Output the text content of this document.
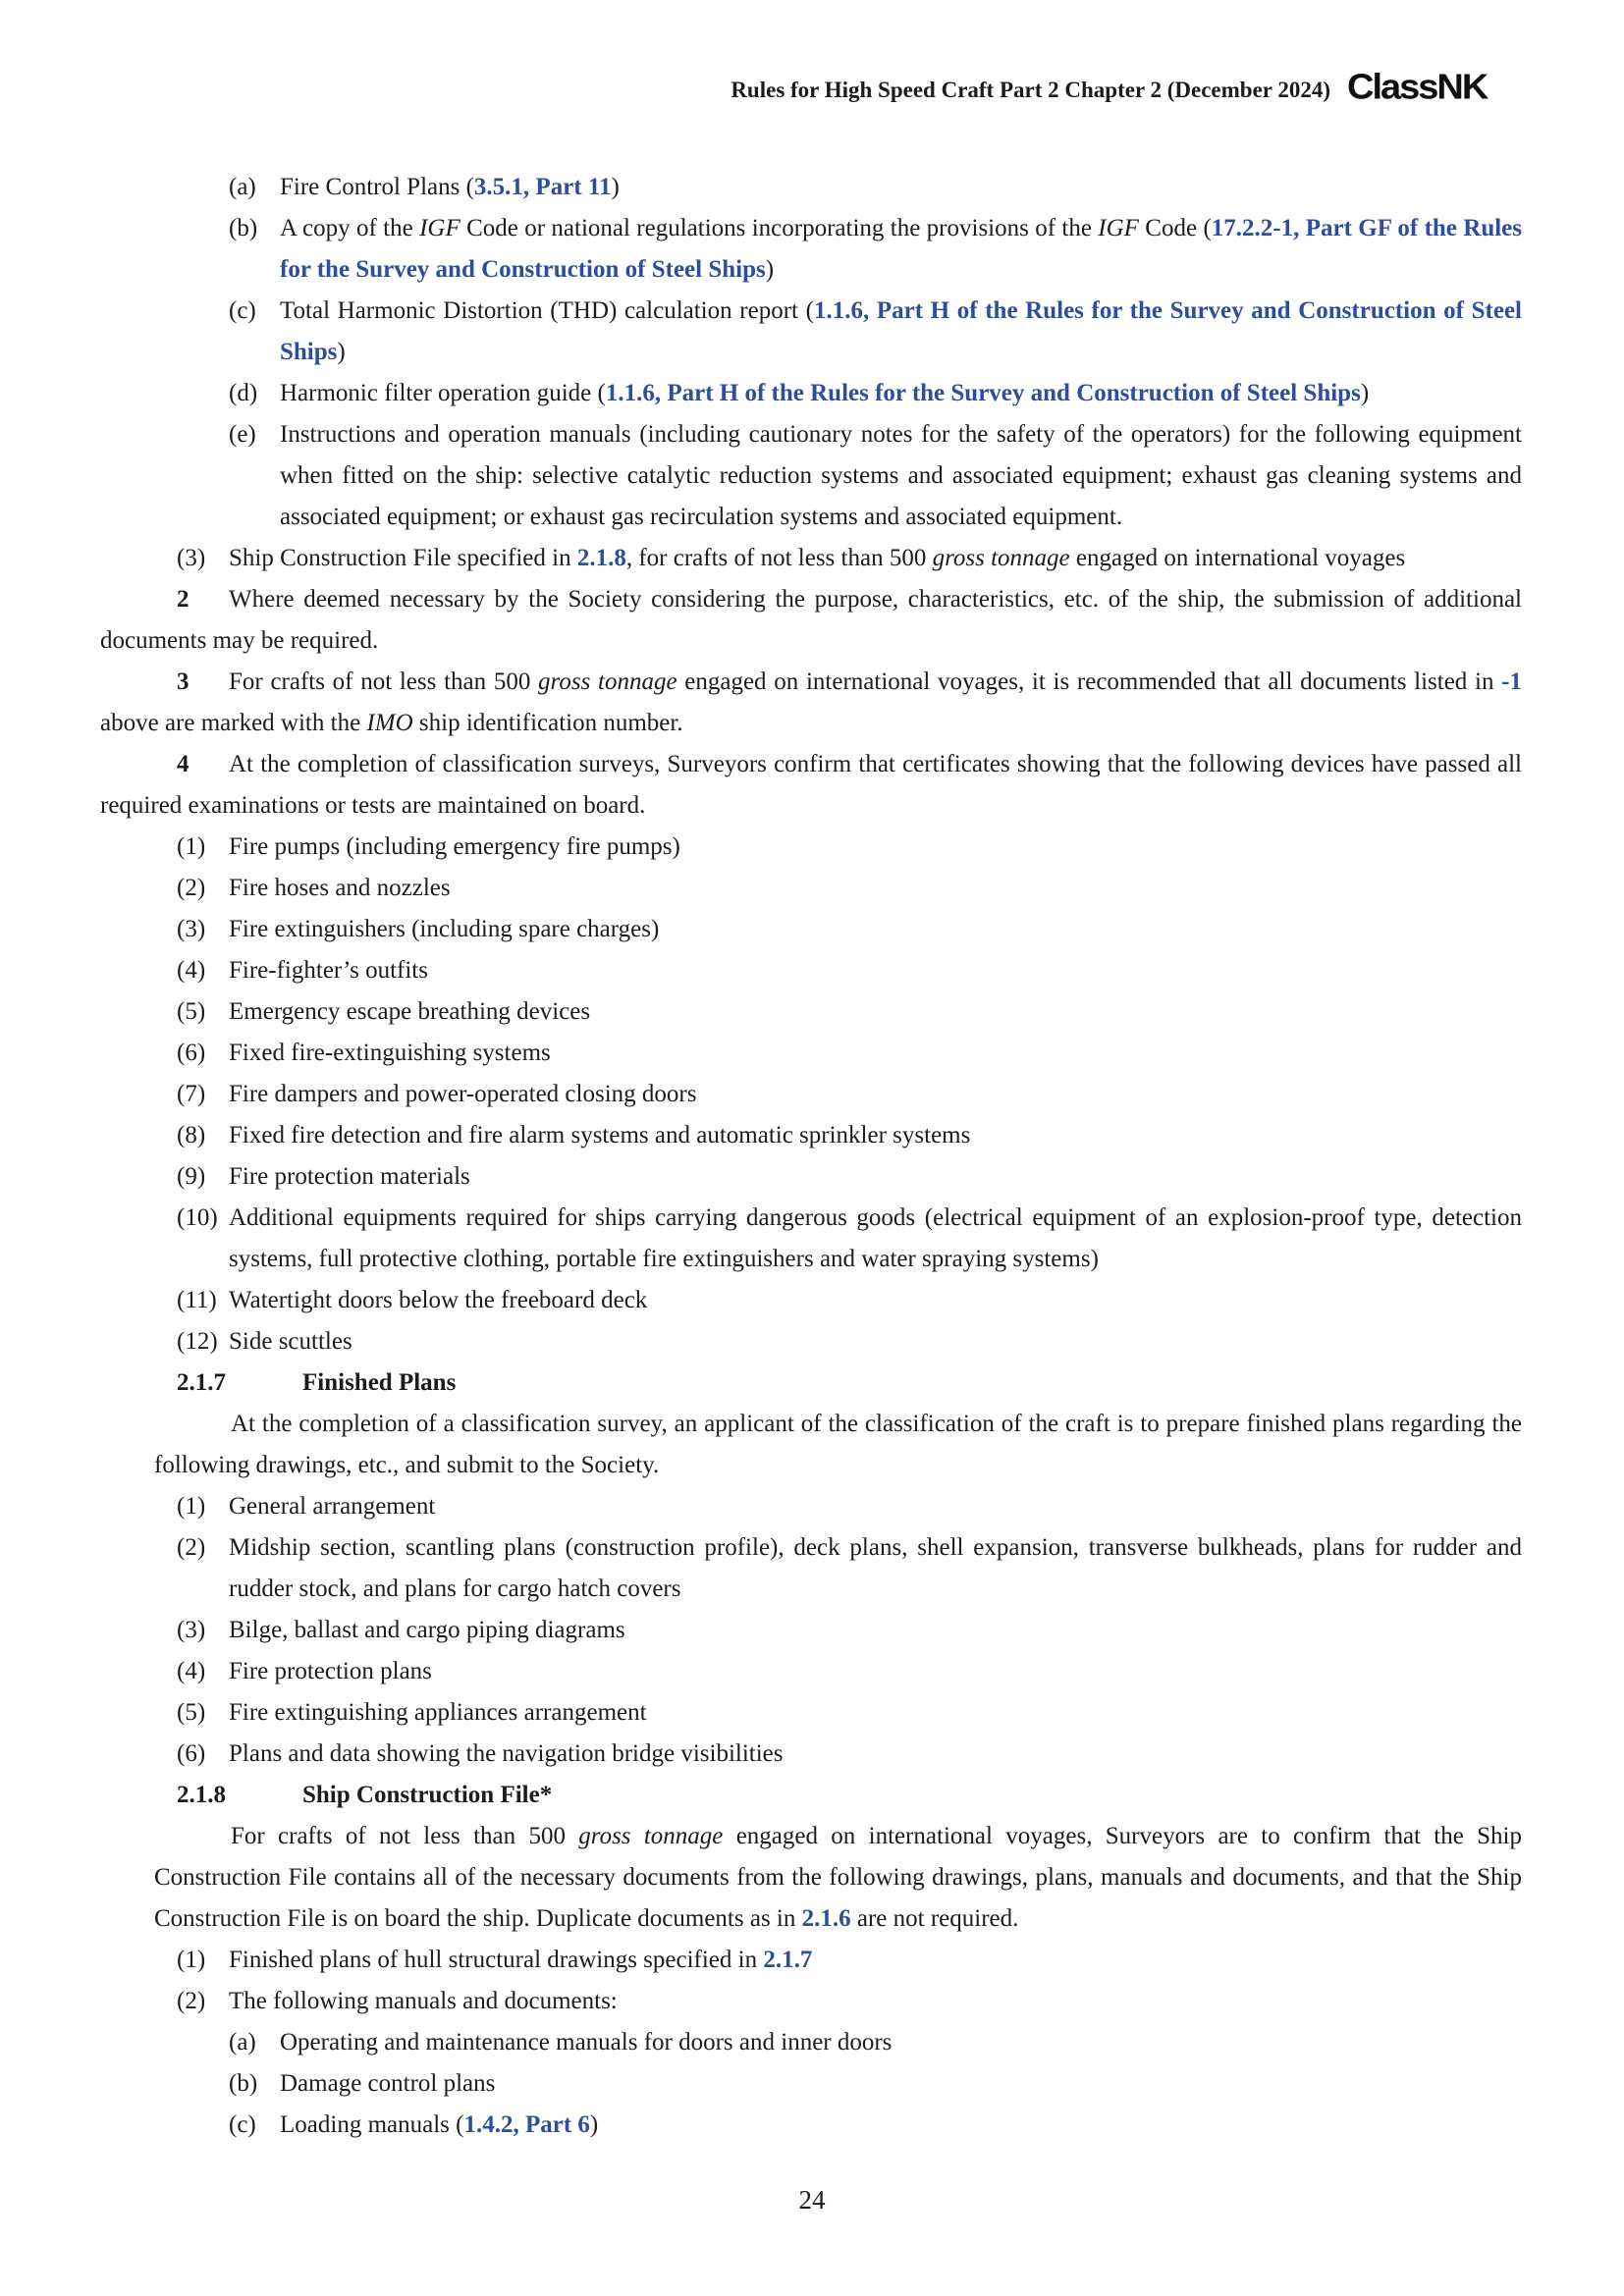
Rules for High Speed Craft Part 2 Chapter 2 (December 2024) ClassNK
(a) Fire Control Plans (3.5.1, Part 11)
(b) A copy of the IGF Code or national regulations incorporating the provisions of the IGF Code (17.2.2-1, Part GF of the Rules for the Survey and Construction of Steel Ships)
(c) Total Harmonic Distortion (THD) calculation report (1.1.6, Part H of the Rules for the Survey and Construction of Steel Ships)
(d) Harmonic filter operation guide (1.1.6, Part H of the Rules for the Survey and Construction of Steel Ships)
(e) Instructions and operation manuals (including cautionary notes for the safety of the operators) for the following equipment when fitted on the ship: selective catalytic reduction systems and associated equipment; exhaust gas cleaning systems and associated equipment; or exhaust gas recirculation systems and associated equipment.
(3) Ship Construction File specified in 2.1.8, for crafts of not less than 500 gross tonnage engaged on international voyages
2 Where deemed necessary by the Society considering the purpose, characteristics, etc. of the ship, the submission of additional documents may be required.
3 For crafts of not less than 500 gross tonnage engaged on international voyages, it is recommended that all documents listed in -1 above are marked with the IMO ship identification number.
4 At the completion of classification surveys, Surveyors confirm that certificates showing that the following devices have passed all required examinations or tests are maintained on board.
(1) Fire pumps (including emergency fire pumps)
(2) Fire hoses and nozzles
(3) Fire extinguishers (including spare charges)
(4) Fire-fighter’s outfits
(5) Emergency escape breathing devices
(6) Fixed fire-extinguishing systems
(7) Fire dampers and power-operated closing doors
(8) Fixed fire detection and fire alarm systems and automatic sprinkler systems
(9) Fire protection materials
(10) Additional equipments required for ships carrying dangerous goods (electrical equipment of an explosion-proof type, detection systems, full protective clothing, portable fire extinguishers and water spraying systems)
(11) Watertight doors below the freeboard deck
(12) Side scuttles
2.1.7	Finished Plans
At the completion of a classification survey, an applicant of the classification of the craft is to prepare finished plans regarding the following drawings, etc., and submit to the Society.
(1) General arrangement
(2) Midship section, scantling plans (construction profile), deck plans, shell expansion, transverse bulkheads, plans for rudder and rudder stock, and plans for cargo hatch covers
(3) Bilge, ballast and cargo piping diagrams
(4) Fire protection plans
(5) Fire extinguishing appliances arrangement
(6) Plans and data showing the navigation bridge visibilities
2.1.8	Ship Construction File*
For crafts of not less than 500 gross tonnage engaged on international voyages, Surveyors are to confirm that the Ship Construction File contains all of the necessary documents from the following drawings, plans, manuals and documents, and that the Ship Construction File is on board the ship. Duplicate documents as in 2.1.6 are not required.
(1) Finished plans of hull structural drawings specified in 2.1.7
(2) The following manuals and documents:
(a) Operating and maintenance manuals for doors and inner doors
(b) Damage control plans
(c) Loading manuals (1.4.2, Part 6)
24
